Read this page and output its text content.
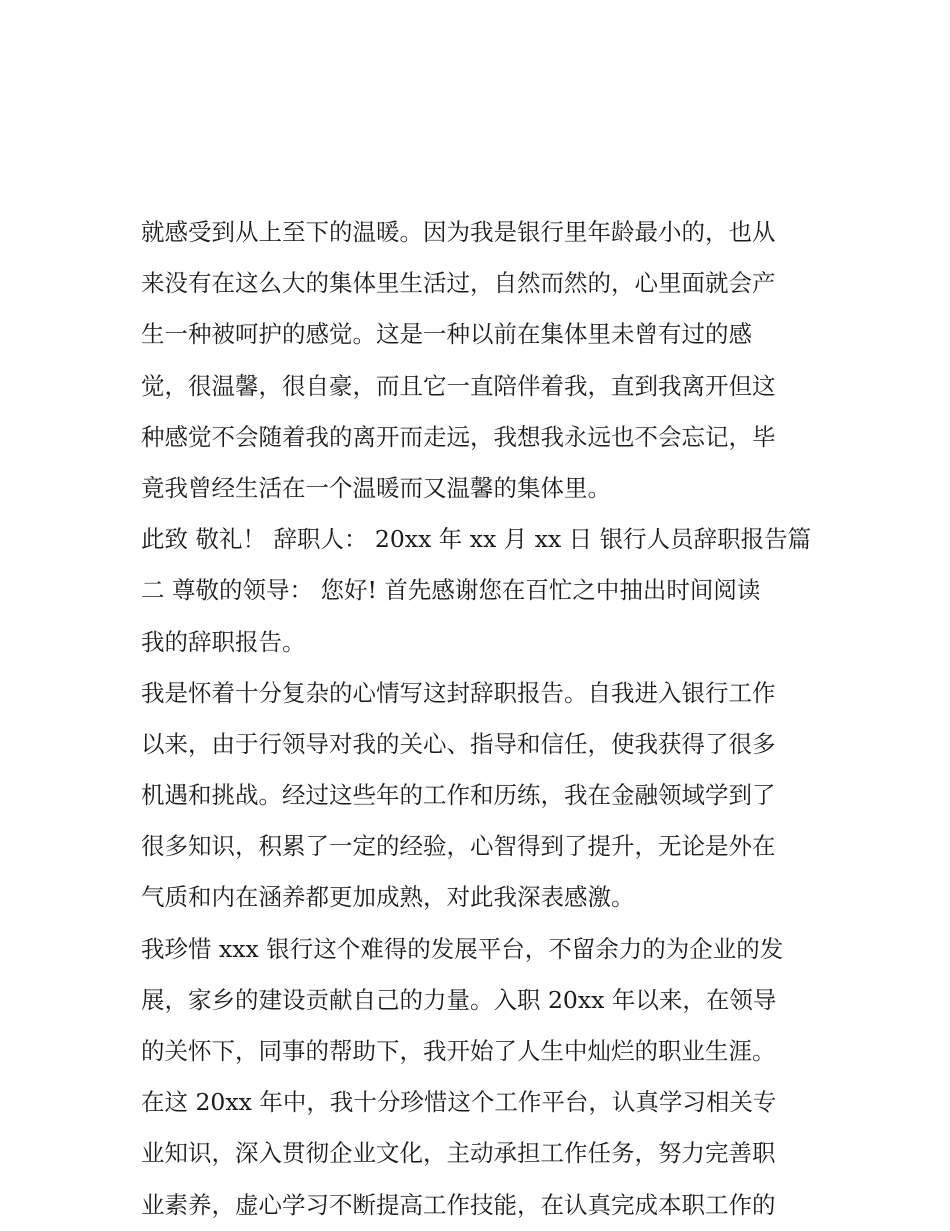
就感受到从上至下的温暖。因为我是银行里年龄最小的，也从
来没有在这么大的集体里生活过，自然而然的，心里面就会产
生一种被呵护的感觉。这是一种以前在集体里未曾有过的感
觉，很温馨，很自豪，而且它一直陪伴着我，直到我离开但这
种感觉不会随着我的离开而走远，我想我永远也不会忘记，毕
竟我曾经生活在一个温暖而又温馨的集体里。
此致 敬礼！ 辞职人： 20xx 年 xx 月 xx 日 银行人员辞职报告篇
二 尊敬的领导： 您好! 首先感谢您在百忙之中抽出时间阅读
我的辞职报告。
我是怀着十分复杂的心情写这封辞职报告。自我进入银行工作
以来，由于行领导对我的关心、指导和信任，使我获得了很多
机遇和挑战。经过这些年的工作和历练，我在金融领域学到了
很多知识，积累了一定的经验，心智得到了提升，无论是外在
气质和内在涵养都更加成熟，对此我深表感激。
我珍惜 xxx 银行这个难得的发展平台，不留余力的为企业的发
展，家乡的建设贡献自己的力量。入职 20xx 年以来，在领导
的关怀下，同事的帮助下，我开始了人生中灿烂的职业生涯。
在这 20xx 年中，我十分珍惜这个工作平台，认真学习相关专
业知识，深入贯彻企业文化，主动承担工作任务，努力完善职
业素养，虚心学习不断提高工作技能，在认真完成本职工作的
